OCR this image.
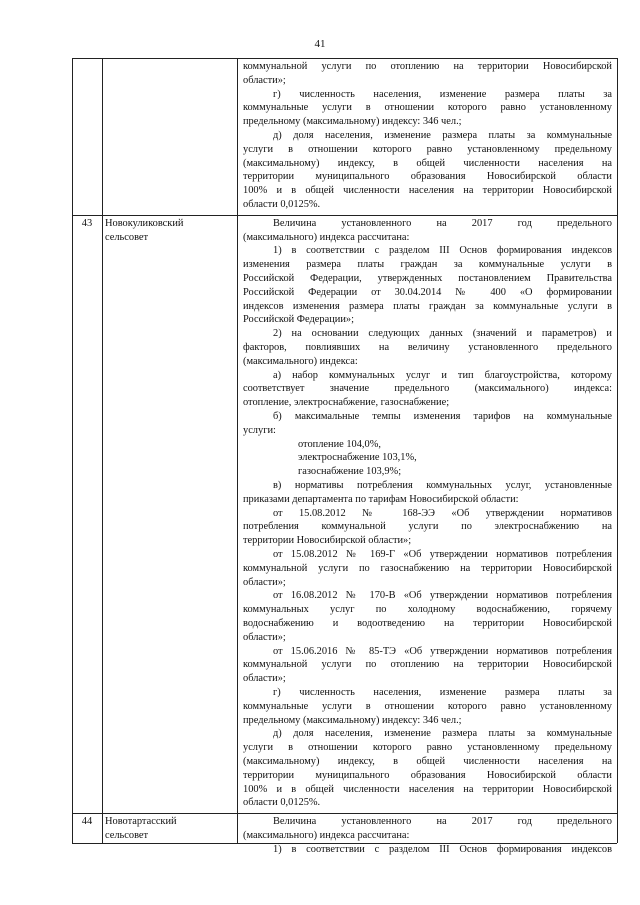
41
коммунальной услуги по отоплению на территории Новосибирской
области»;
г) численность населения, изменение размера платы за
коммунальные услуги в отношении которого равно установленному
предельному (максимальному) индексу: 346 чел.;
д) доля населения, изменение размера платы за коммунальные
услуги в отношении которого равно установленному предельному
(максимальному) индексу, в общей численности населения на
территории муниципального образования Новосибирской области
100% и в общей численности населения на территории Новосибирской
области 0,0125%.
43	Новокуликовский
сельсовет
Величина установленного на 2017 год предельного
(максимального) индекса рассчитана:
1) в соответствии с разделом III Основ формирования индексов
изменения размера платы граждан за коммунальные услуги в
Российской Федерации, утвержденных постановлением Правительства
Российской Федерации от 30.04.2014 № 400 «О формировании
индексов изменения размера платы граждан за коммунальные услуги в
Российской Федерации»;
2) на основании следующих данных (значений и параметров) и
факторов, повлиявших на величину установленного предельного
(максимального) индекса:
а) набор коммунальных услуг и тип благоустройства, которому
соответствует значение предельного (максимального) индекса:
отопление, электроснабжение, газоснабжение;
б) максимальные темпы изменения тарифов на коммунальные
услуги:
отопление 104,0%,
электроснабжение 103,1%,
газоснабжение 103,9%;
в) нормативы потребления коммунальных услуг, установленные
приказами департамента по тарифам Новосибирской области:
от 15.08.2012 № 168-ЭЭ «Об утверждении нормативов
потребления коммунальной услуги по электроснабжению на
территории Новосибирской области»;
от 15.08.2012 № 169-Г «Об утверждении нормативов потребления
коммунальной услуги по газоснабжению на территории Новосибирской
области»;
от 16.08.2012 № 170-В «Об утверждении нормативов потребления
коммунальных услуг по холодному водоснабжению, горячему
водоснабжению и водоотведению на территории Новосибирской
области»;
от 15.06.2016 № 85-ТЭ «Об утверждении нормативов потребления
коммунальной услуги по отоплению на территории Новосибирской
области»;
г) численность населения, изменение размера платы за
коммунальные услуги в отношении которого равно установленному
предельному (максимальному) индексу: 346 чел.;
д) доля населения, изменение размера платы за коммунальные
услуги в отношении которого равно установленному предельному
(максимальному) индексу, в общей численности населения на
территории муниципального образования Новосибирской области
100% и в общей численности населения на территории Новосибирской
области 0,0125%.
44	Новотартасский
сельсовет
Величина установленного на 2017 год предельного
(максимального) индекса рассчитана:
1) в соответствии с разделом III Основ формирования индексов
